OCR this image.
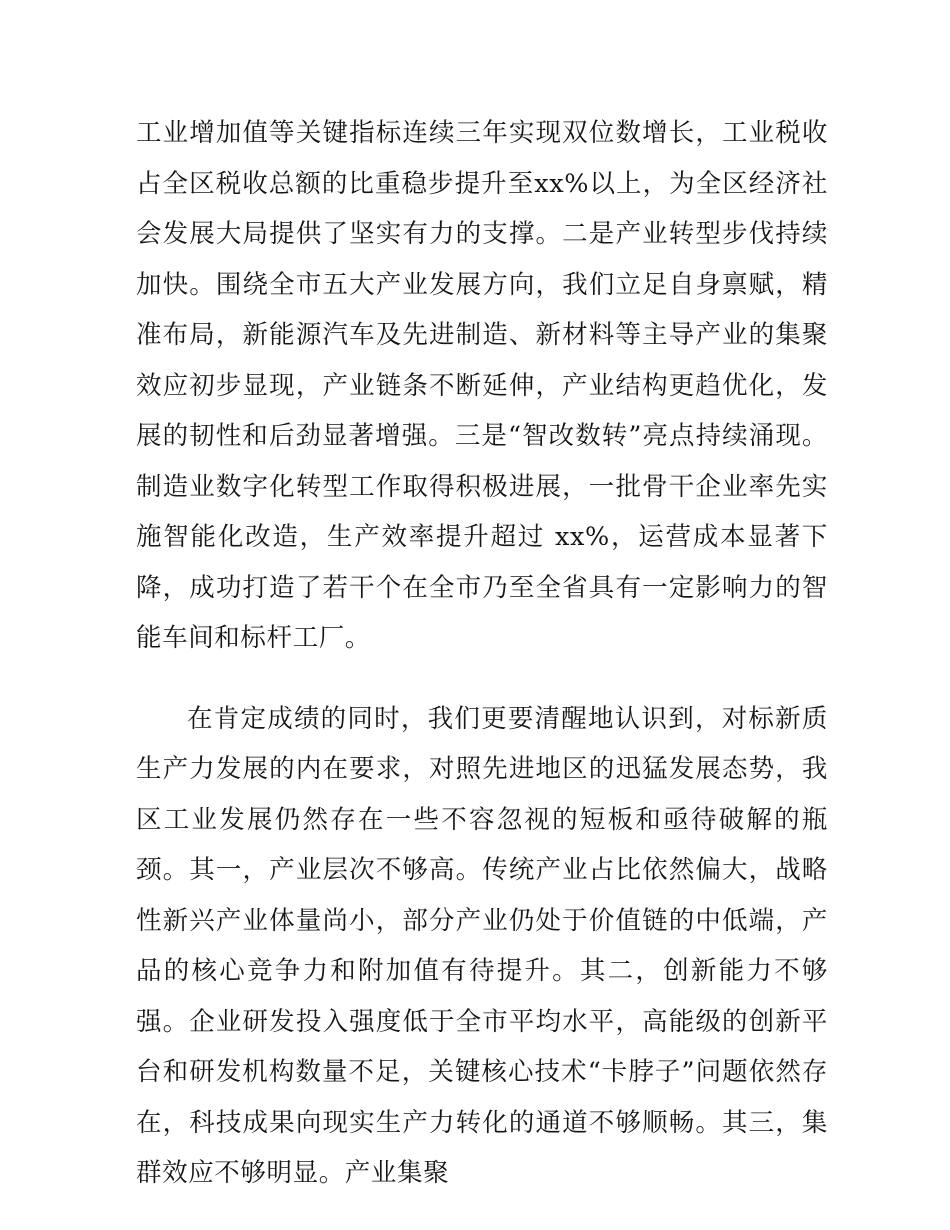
工业增加值等关键指标连续三年实现双位数增长，工业税收占全区税收总额的比重稳步提升至xx%以上，为全区经济社会发展大局提供了坚实有力的支撑。二是产业转型步伐持续加快。围绕全市五大产业发展方向，我们立足自身禀赋，精准布局，新能源汽车及先进制造、新材料等主导产业的集聚效应初步显现，产业链条不断延伸，产业结构更趋优化，发展的韧性和后劲显著增强。三是“智改数转”亮点持续涌现。制造业数字化转型工作取得积极进展，一批骨干企业率先实施智能化改造，生产效率提升超过 xx%，运营成本显著下降，成功打造了若干个在全市乃至全省具有一定影响力的智能车间和标杆工厂。

在肯定成绩的同时，我们更要清醒地认识到，对标新质生产力发展的内在要求，对照先进地区的迅猛发展态势，我区工业发展仍然存在一些不容忽视的短板和亟待破解的瓶颈。其一，产业层次不够高。传统产业占比依然偏大，战略性新兴产业体量尚小，部分产业仍处于价值链的中低端，产品的核心竞争力和附加值有待提升。其二，创新能力不够强。企业研发投入强度低于全市平均水平，高能级的创新平台和研发机构数量不足，关键核心技术“卡脖子”问题依然存在，科技成果向现实生产力转化的通道不够顺畅。其三，集群效应不够明显。产业集聚
